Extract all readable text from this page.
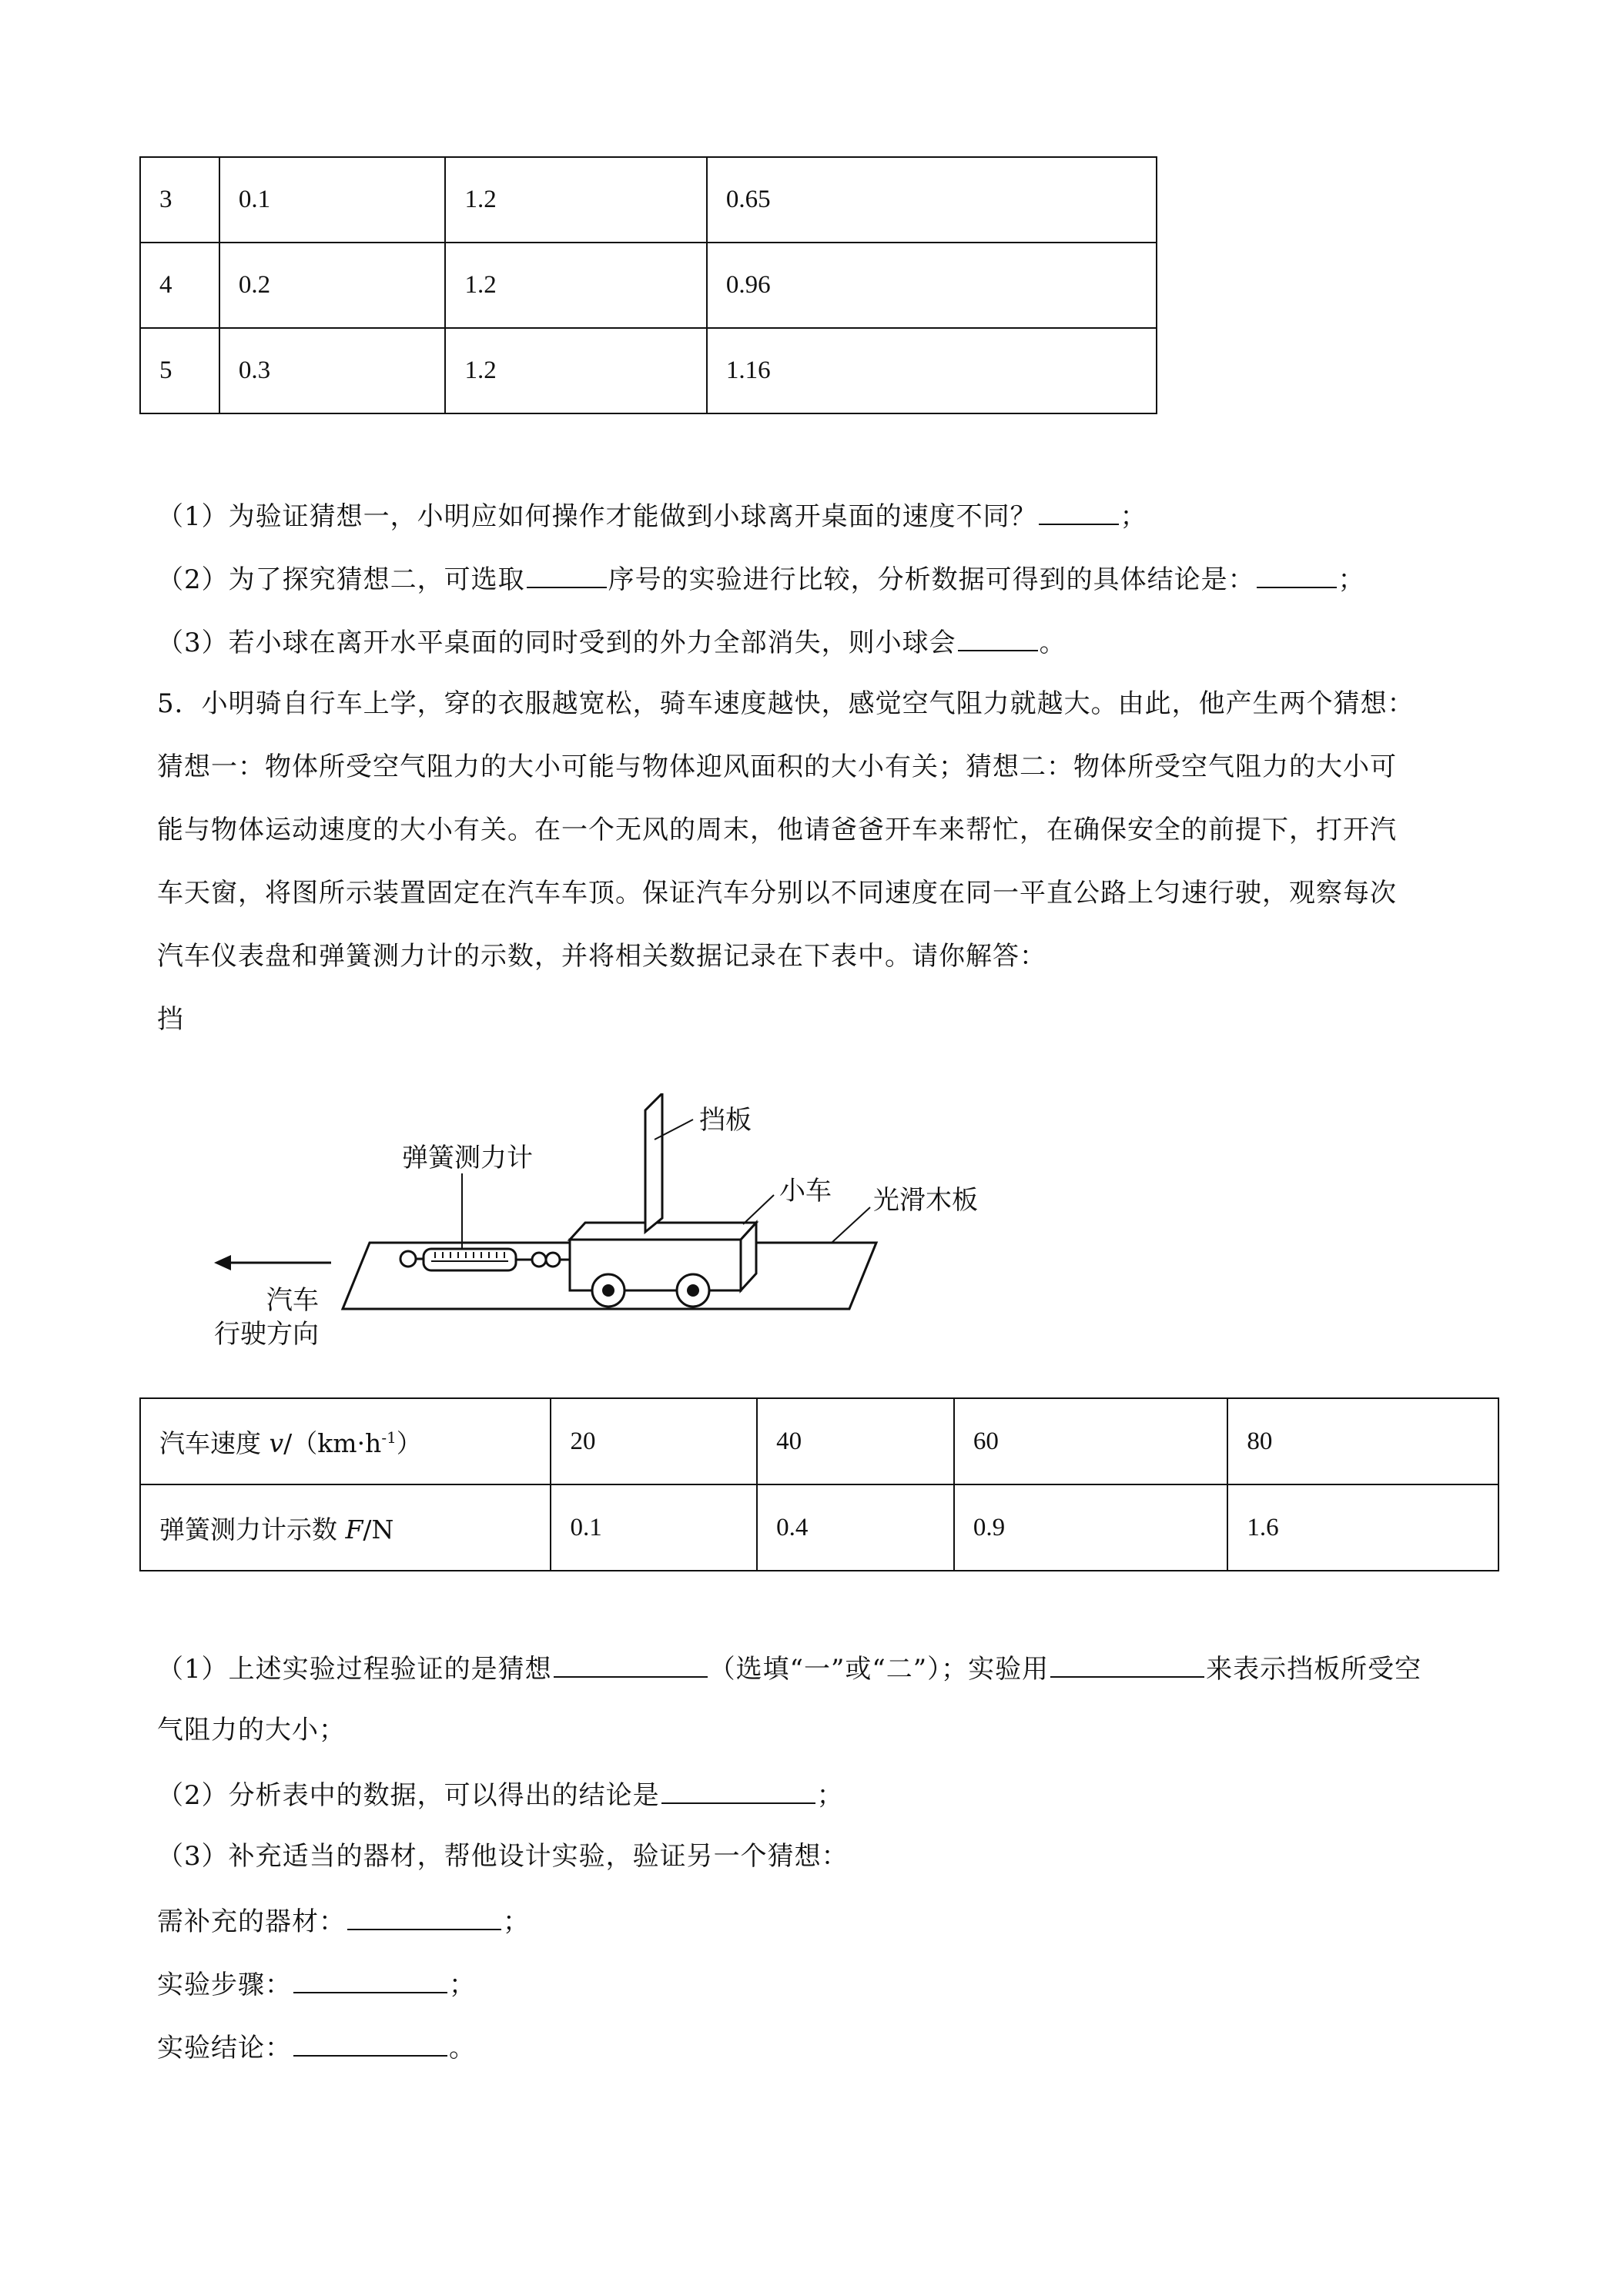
3	0.1	1.2	0.65
4	0.2	1.2	0.96
5	0.3	1.2	1.16
（1）为验证猜想一，小明应如何操作才能做到小球离开桌面的速度不同？	；
（2）为了探究猜想二，可选取	序号的实验进行比较，分析数据可得到的具体结论是：	；
（3）若小球在离开水平桌面的同时受到的外力全部消失，则小球会	。
5．小明骑自行车上学，穿的衣服越宽松，骑车速度越快，感觉空气阻力就越大。由此，他产生两个猜想：
猜想一：物体所受空气阻力的大小可能与物体迎风面积的大小有关；猜想二：物体所受空气阻力的大小可
能与物体运动速度的大小有关。在一个无风的周末，他请爸爸开车来帮忙，在确保安全的前提下，打开汽
车天窗，将图所示装置固定在汽车车顶。保证汽车分别以不同速度在同一平直公路上匀速行驶，观察每次
汽车仪表盘和弹簧测力计的示数，并将相关数据记录在下表中。请你解答：
挡
挡板
弹簧测力计
小车 光滑木板
汽车
行驶方向
汽车速度 $v/(km\cdot h^{-1})$	20	40	60	80
弹簧测力计示数 F/N	0.1	0.4	0.9	1.6
（1）上述实验过程验证的是猜想	（选填“一”或“二”）；实验用	来表示挡板所受空
气阻力的大小；
（2）分析表中的数据，可以得出的结论是	；
（3）补充适当的器材，帮他设计实验，验证另一个猜想：
需补充的器材：	；
实验步骤：	；
实验结论：	。
